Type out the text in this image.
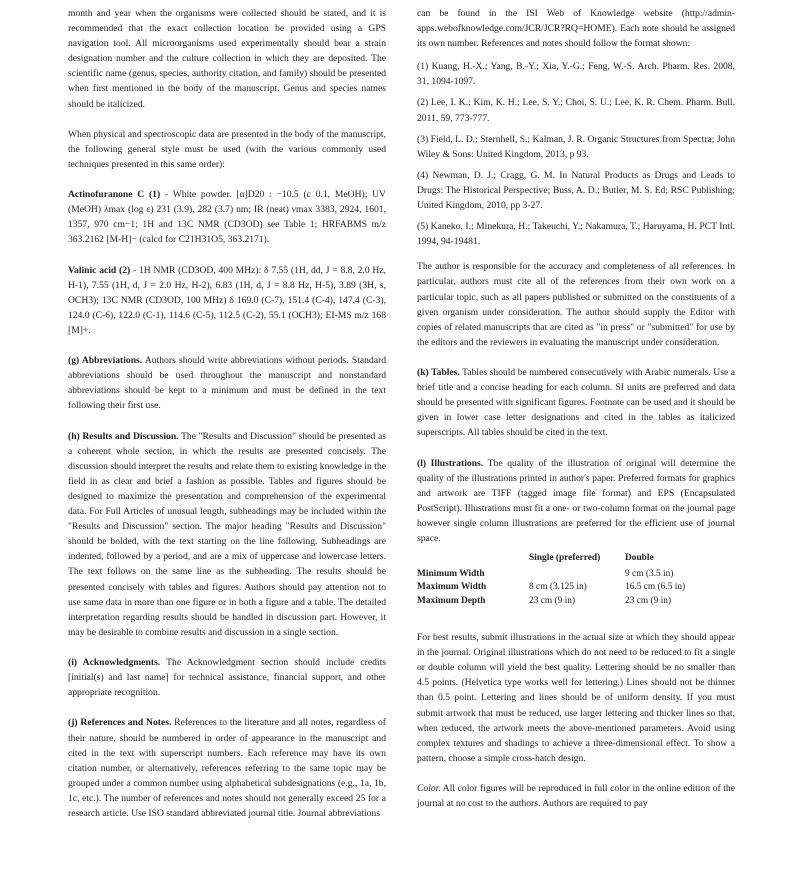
month and year when the organisms were collected should be stated, and it is recommended that the exact collection location be provided using a GPS navigation tool. All microorganisms used experimentally should bear a strain designation number and the culture collection in which they are deposited. The scientific name (genus, species, authority citation, and family) should be presented when first mentioned in the body of the manuscript. Genus and species names should be italicized.

When physical and spectroscopic data are presented in the body of the manuscript, the following general style must be used (with the various commonly used techniques presented in this same order):

Actinofuranone C (1) - White powder. [α]D20 : −10.5 (c 0.1, MeOH); UV (MeOH) λmax (log ε) 231 (3.9), 282 (3.7) nm; IR (neat) νmax 3383, 2924, 1601, 1357, 970 cm−1; 1H and 13C NMR (CD3OD) see Table 1; HRFABMS m/z 363.2162 [M-H]− (calcd for C21H31O5, 363.2171).

Valinic acid (2) - 1H NMR (CD3OD, 400 MHz): δ 7.55 (1H, dd, J = 8.8, 2.0 Hz, H-1), 7.55 (1H, d, J = 2.0 Hz, H-2), 6.83 (1H, d, J = 8.8 Hz, H-5), 3.89 (3H, s, OCH3); 13C NMR (CD3OD, 100 MHz) δ 169.0 (C-7), 151.4 (C-4), 147.4 (C-3), 124.0 (C-6), 122.0 (C-1), 114.6 (C-5), 112.5 (C-2), 55.1 (OCH3); EI-MS m/z 168 [M]+.

(g) Abbreviations. Authors should write abbreviations without periods. Standard abbreviations should be used throughout the manuscript and nonstandard abbreviations should be kept to a minimum and must be defined in the text following their first use.

(h) Results and Discussion. The "Results and Discussion" should be presented as a coherent whole section, in which the results are presented concisely. The discussion should interpret the results and relate them to existing knowledge in the field in as clear and brief a fashion as possible. Tables and figures should be designed to maximize the presentation and comprehension of the experimental data. For Full Articles of unusual length, subheadings may be included within the "Results and Discussion" section. The major heading "Results and Discussion" should be bolded, with the text starting on the line following. Subheadings are indented, followed by a period, and are a mix of uppercase and lowercase letters. The text follows on the same line as the subheading. The results should be presented concisely with tables and figures. Authors should pay attention not to use same data in more than one figure or in both a figure and a table. The detailed interpretation regarding results should be handled in discussion part. However, it may be desirable to combine results and discussion in a single section.

(i) Acknowledgments. The Acknowledgment section should include credits [initial(s) and last name] for technical assistance, financial support, and other appropriate recognition.

(j) References and Notes. References to the literature and all notes, regardless of their nature, should be numbered in order of appearance in the manuscript and cited in the text with superscript numbers. Each reference may have its own citation number, or alternatively, references referring to the same topic may be grouped under a common number using alphabetical subdesignations (e.g., 1a, 1b, 1c, etc.). The number of references and notes should not generally exceed 25 for a research article. Use ISO standard abbreviated journal title. Journal abbreviations

can be found in the ISI Web of Knowledge website (http://admin-apps.webofknowledge.com/JCR/JCR?RQ=HOME). Each note should be assigned its own number. References and notes should follow the format shown:

(1) Kuang, H.-X.; Yang, B.-Y.; Xia, Y.-G.; Feng, W.-S. Arch. Pharm. Res. 2008, 31, 1094-1097.

(2) Lee, I. K.; Kim, K. H.; Lee, S. Y.; Choi, S. U.; Lee, K. R. Chem. Pharm. Bull. 2011, 59, 773-777.

(3) Field, L. D.; Sternhell, S.; Kalman, J. R. Organic Structures from Spectra; John Wiley & Sons: United Kingdom, 2013, p 93.

(4) Newman, D. J.; Cragg, G. M. In Natural Products as Drugs and Leads to Drugs: The Historical Perspective; Buss, A. D.; Butler, M. S. Ed; RSC Publishing; United Kingdom, 2010, pp 3-27.

(5) Kaneko, I.; Minekura, H.; Takeuchi, Y.; Nakamura, T.; Haruyama, H. PCT Intl. 1994, 94-19481.

The author is responsible for the accuracy and completeness of all references. In particular, authors must cite all of the references from their own work on a particular topic, such as all papers published or submitted on the constituents of a given organism under consideration. The author should supply the Editor with copies of related manuscripts that are cited as "in press" or "submitted" for use by the editors and the reviewers in evaluating the manuscript under consideration.

(k) Tables. Tables should be numbered consecutively with Arabic numerals. Use a brief title and a concise heading for each column. SI units are preferred and data should be presented with significant figures. Footnote can be used and it should be given in lower case letter designations and cited in the tables as italicized superscripts. All tables should be cited in the text.

(l) Illustrations. The quality of the illustration of original will determine the quality of the illustrations printed in author's paper. Preferred formats for graphics and artwork are TIFF (tagged image file format) and EPS (Encapsulated PostScript). Illustrations must fit a one- or two-column format on the journal page however single column illustrations are preferred for the efficient use of journal space.

	Single (preferred)	Double
Minimum Width		9 cm (3.5 in)
Maximum Width	8 cm (3.125 in)	16.5 cm (6.5 in)
Maximum Depth	23 cm (9 in)	23 cm (9 in)

For best results, submit illustrations in the actual size at which they should appear in the journal. Original illustrations which do not need to be reduced to fit a single or double column will yield the best quality. Lettering should be no smaller than 4.5 points. (Helvetica type works well for lettering.) Lines should not be thinner than 0.5 point. Lettering and lines should be of uniform density. If you must submit artwork that must be reduced, use larger lettering and thicker lines so that, when reduced, the artwork meets the above-mentioned parameters. Avoid using complex textures and shadings to achieve a three-dimensional effect. To show a pattern, choose a simple cross-hatch design.

Color. All color figures will be reproduced in full color in the online edition of the journal at no cost to the authors. Authors are required to pay
